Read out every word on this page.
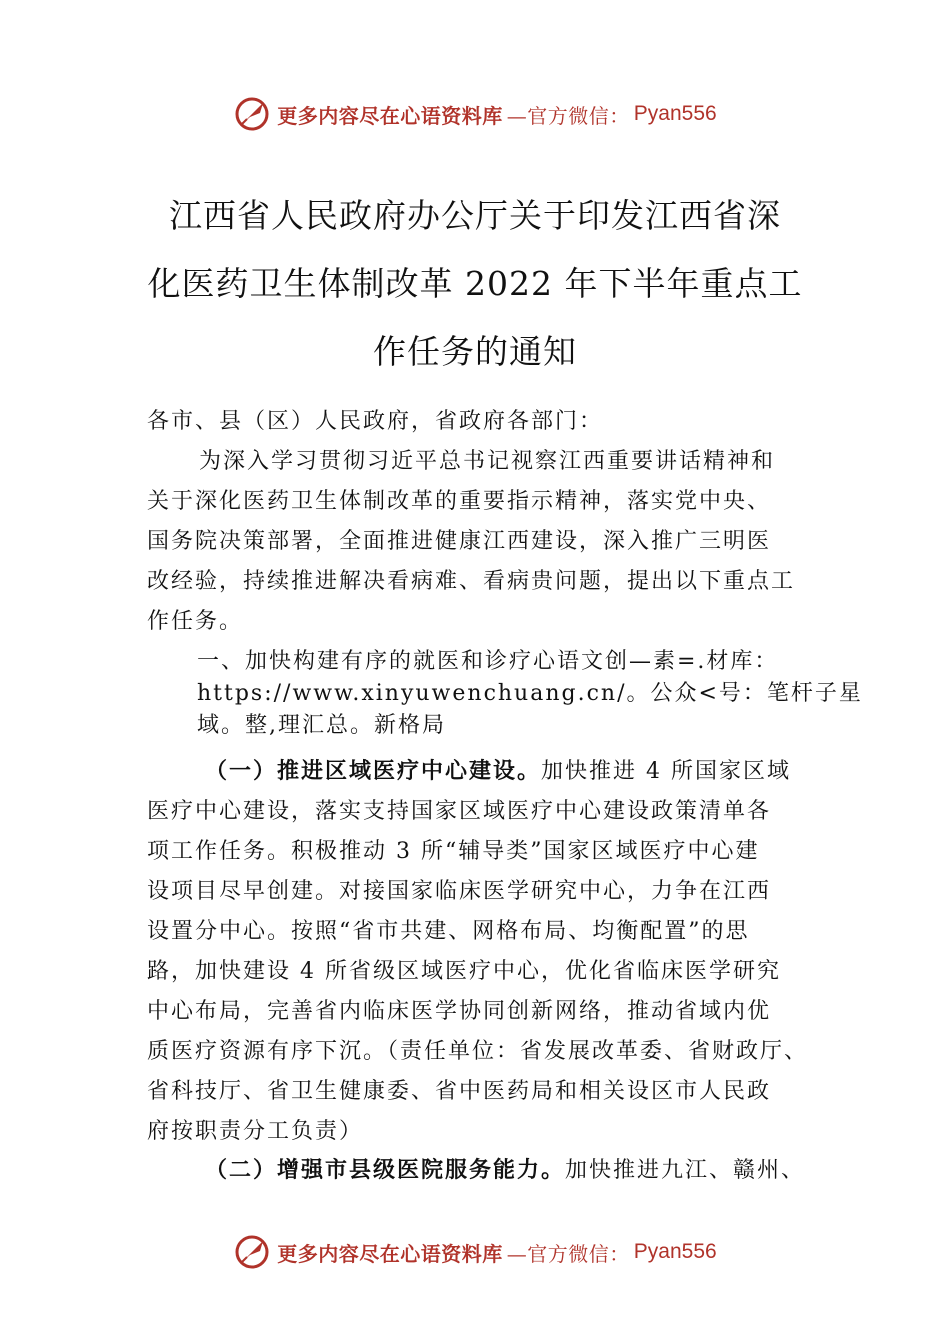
更多内容尽在心语资料库 —官方微信： Pyan556
江西省人民政府办公厅关于印发江西省深
化医药卫生体制改革 2022 年下半年重点工
作任务的通知
各市、县（区）人民政府，省政府各部门：
为深入学习贯彻习近平总书记视察江西重要讲话精神和
关于深化医药卫生体制改革的重要指示精神，落实党中央、
国务院决策部署，全面推进健康江西建设，深入推广三明医
改经验，持续推进解决看病难、看病贵问题，提出以下重点工
作任务。
一、加快构建有序的就医和诊疗心语文创—素=.材库：
https://www.xinyuwenchuang.cn/。公众<号：笔杆子星
域。整,理汇总。新格局
（一）推进区域医疗中心建设。加快推进 4 所国家区域
医疗中心建设，落实支持国家区域医疗中心建设政策清单各
项工作任务。积极推动 3 所“辅导类”国家区域医疗中心建
设项目尽早创建。对接国家临床医学研究中心，力争在江西
设置分中心。按照“省市共建、网格布局、均衡配置”的思
路，加快建设 4 所省级区域医疗中心，优化省临床医学研究
中心布局，完善省内临床医学协同创新网络，推动省域内优
质医疗资源有序下沉。（责任单位：省发展改革委、省财政厅、
省科技厅、省卫生健康委、省中医药局和相关设区市人民政
府按职责分工负责）
（二）增强市县级医院服务能力。加快推进九江、赣州、
更多内容尽在心语资料库 —官方微信： Pyan556
